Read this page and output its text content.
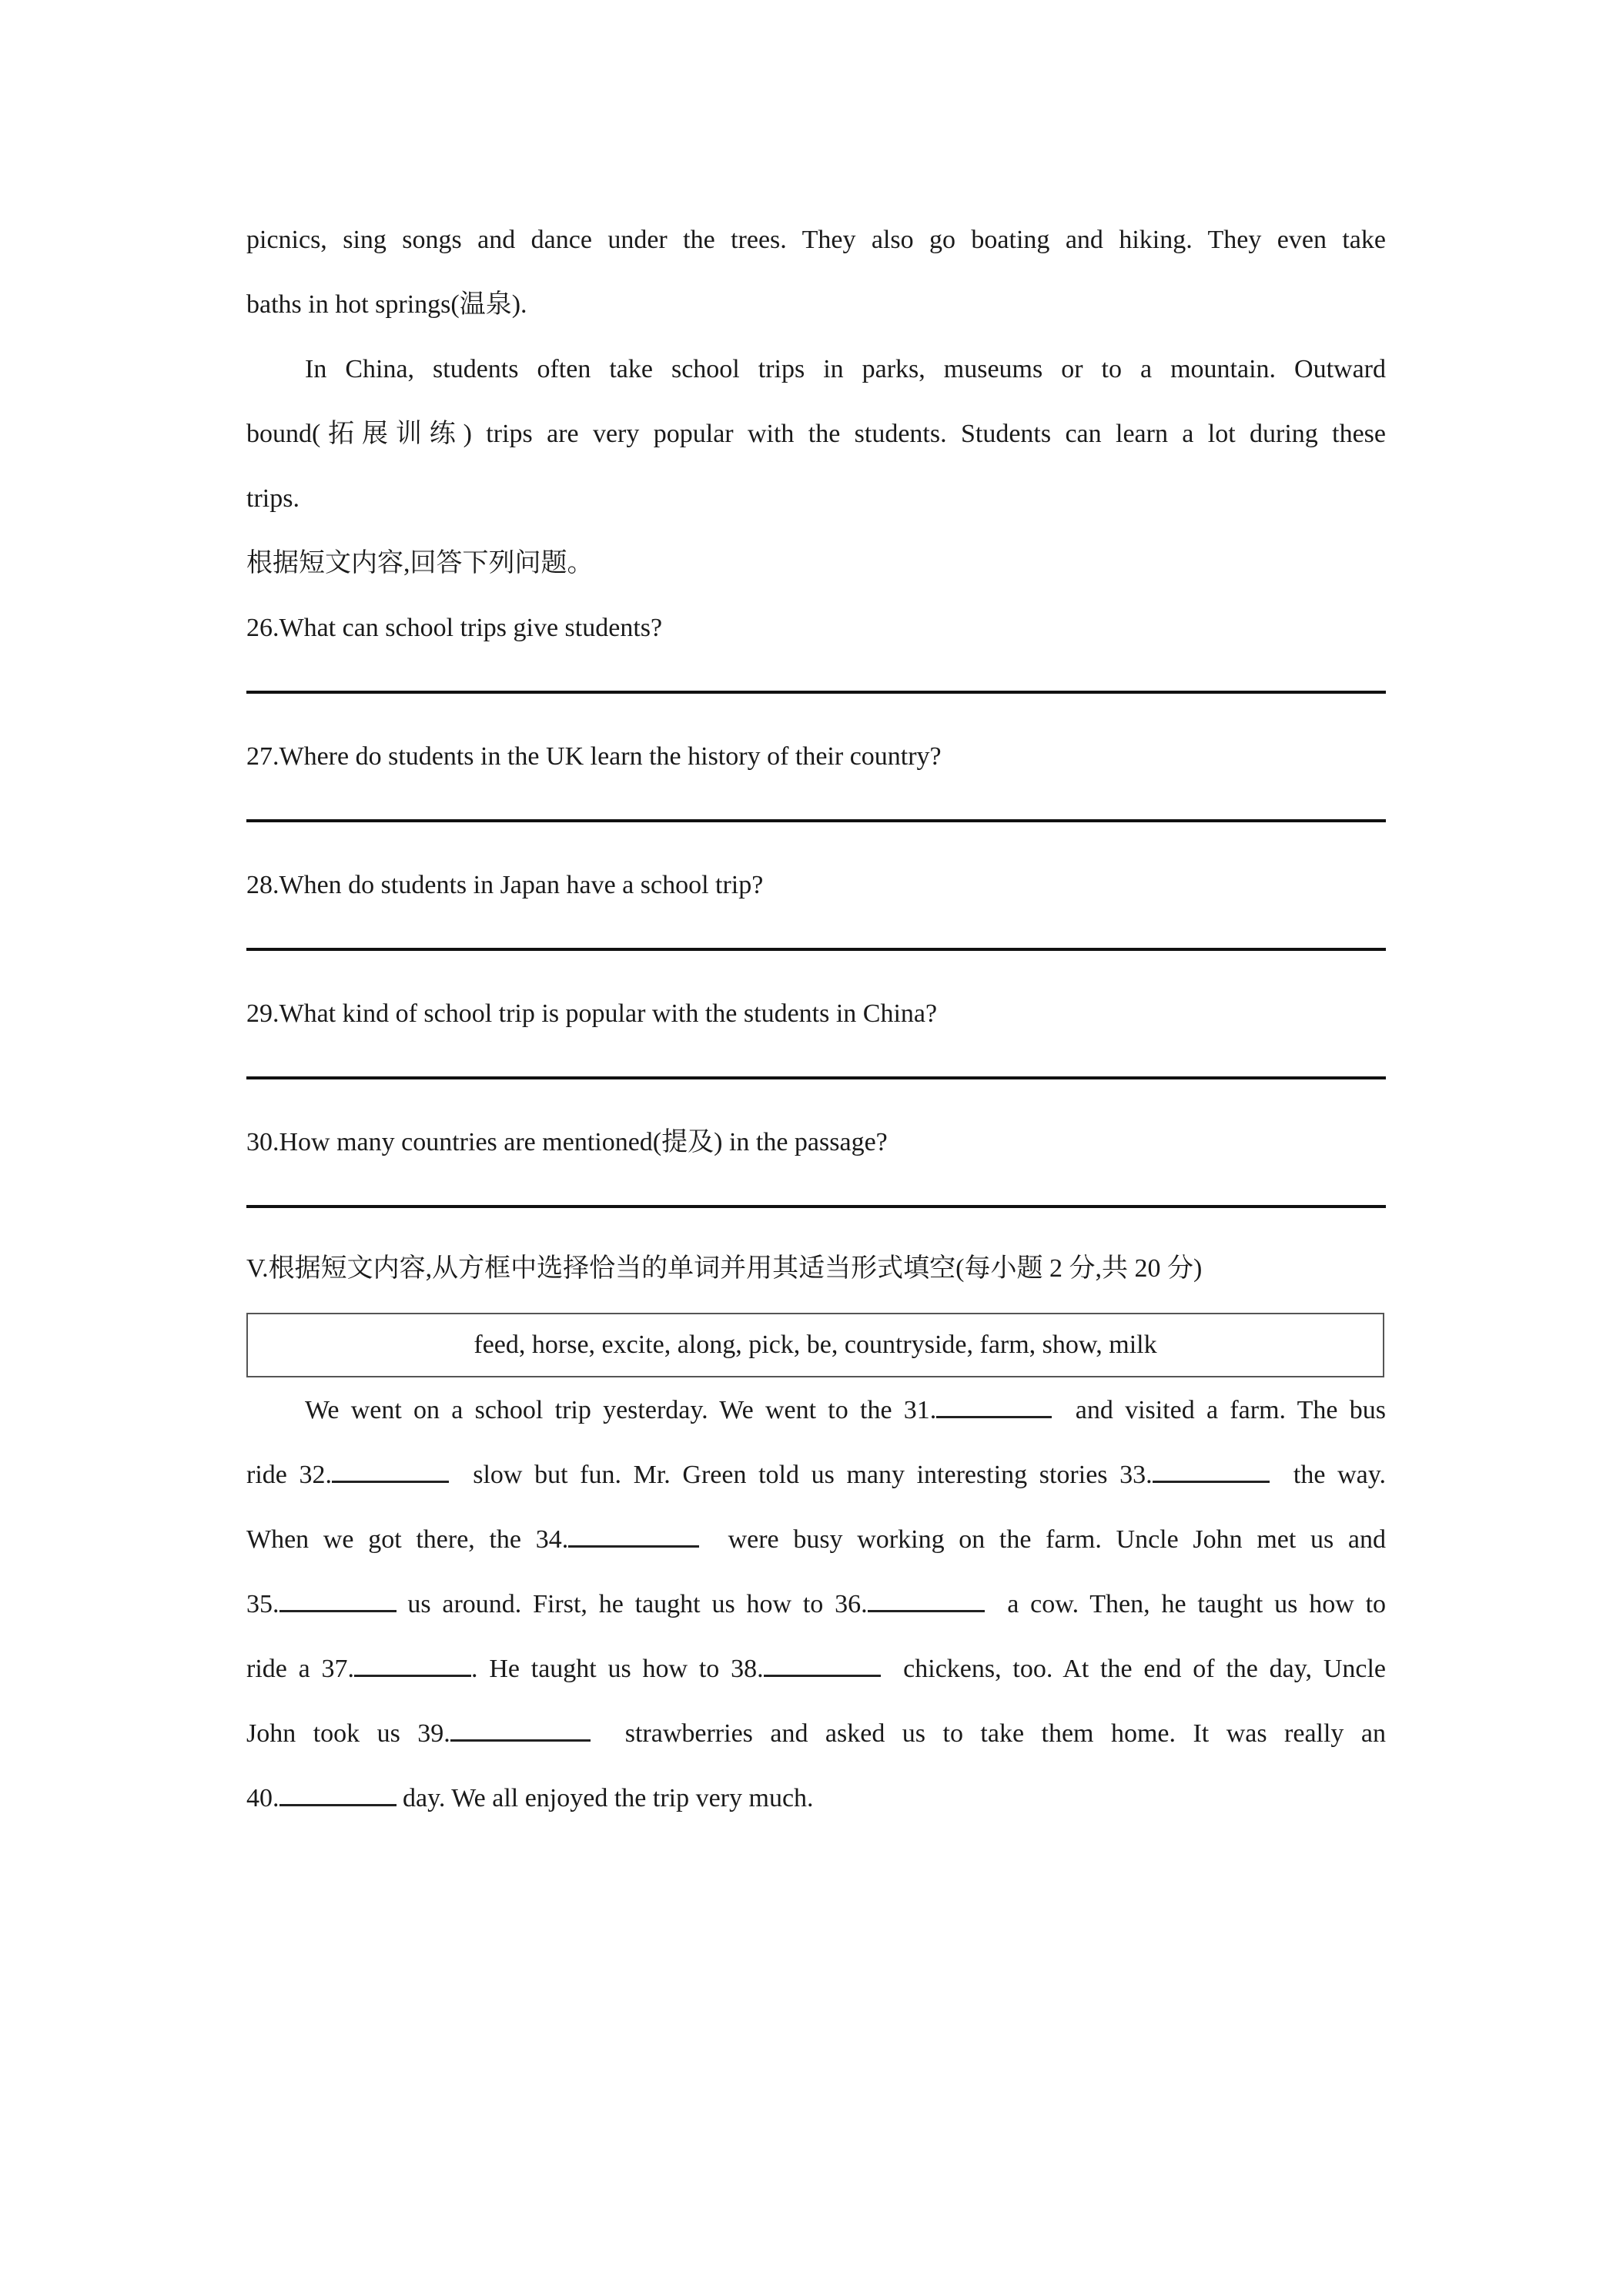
picnics, sing songs and dance under the trees. They also go boating and hiking. They even take
baths in hot springs(温泉).
In China, students often take school trips in parks, museums or to a mountain. Outward
bound(拓展训练) trips are very popular with the students. Students can learn a lot during these
trips.
根据短文内容,回答下列问题。
26.What can school trips give students?
27.Where do students in the UK learn the history of their country?
28.When do students in Japan have a school trip?
29.What kind of school trip is popular with the students in China?
30.How many countries are mentioned(提及) in the passage?
V.根据短文内容,从方框中选择恰当的单词并用其适当形式填空(每小题 2 分,共 20 分)
feed, horse, excite, along, pick, be, countryside, farm, show, milk
We went on a school trip yesterday. We went to the 31.	and visited a farm. The bus
ride 32.	slow but fun. Mr. Green told us many interesting stories 33.	the way.
When we got there, the 34.	were busy working on the farm. Uncle John met us and
35.	us around. First, he taught us how to 36.	a cow. Then, he taught us how to
ride a 37.	. He taught us how to 38.	chickens, too. At the end of the day, Uncle
John took us 39.	strawberries and asked us to take them home. It was really an
40.	day. We all enjoyed the trip very much.
